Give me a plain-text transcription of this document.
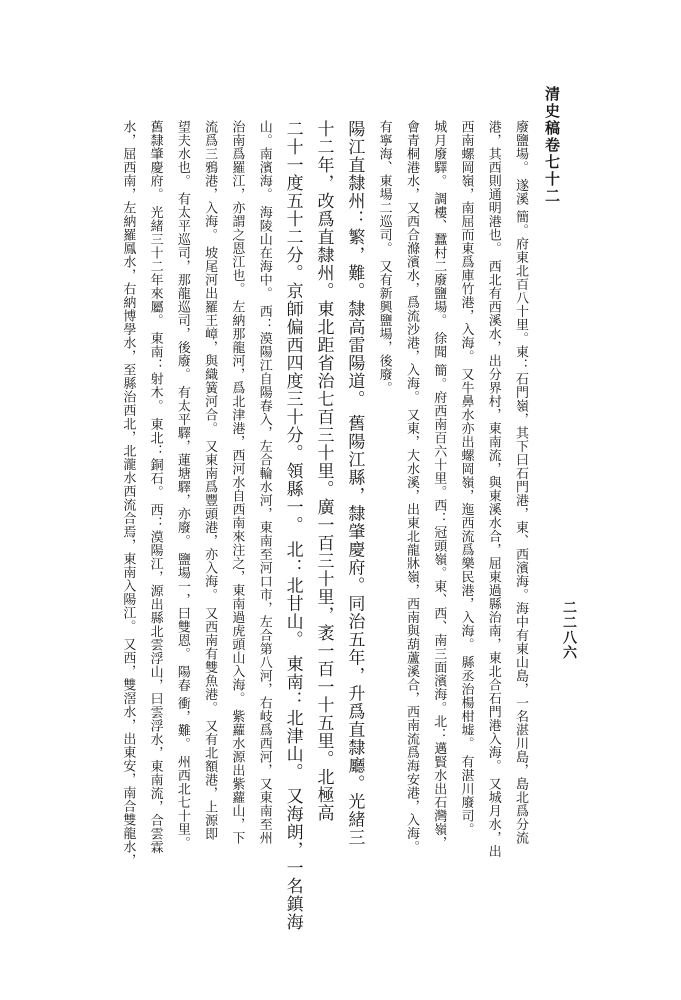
清史稿卷七十二
二二八六
廢鹽場。 遂溪 簡。府東北百八十里。東：石門嶺，其下曰石門港，東、西濱海。海中有東山島，一名湛川島，島北爲分流
港，其西則通明港也。 西北有西溪水，出分界村，東南流，與東溪水合，屈東過縣治南，東北合石門港入海。 又城月水，出
西南螺岡嶺，南屈而東爲庫竹港，入海。 又牛鼻水亦出螺岡嶺，迤西流爲樂民港，入海。 縣丞治楊柑墟。 有湛川廢司。
城月廢驛。 調樓、蠶村二廢鹽場。 徐聞 簡。府西南百六十里。西：冠頭嶺。東、西、南三面濱海。北：邁賢水出石灣嶺，
會青桐港水，又西合滌濱水，爲流沙港，入海。 又東，大水溪，出東北龍牀嶺，西南與葫蘆溪合，西南流爲海安港，入海。
有寧海、東場二巡司。 又有新興鹽場，後廢。
陽江直隸州：繁，難。隸高雷陽道。 舊陽江縣，隸肇慶府。同治五年，升爲直隸廳。光緒三
十二年，改爲直隸州。東北距省治七百三十里。廣一百三十里，袤一百一十五里。北極高
二十一度五十二分。京師偏西四度三十分。領縣一。 北：北甘山。 東南：北津山。 又海朗，一名鎮海
山。南濱海。 海陵山在海中。 西：漠陽江自陽春入，左合輪水河，東南至河口市，左合第八河，右岐爲西河，又東南至州
治南爲羅江，亦謂之恩江也。 左納那龍河，爲北津港，西河水自西南來注之，東南過虎頭山入海。 紫蘿水源出紫蘿山，下
流爲三鴉港，入海。 坡尾河出羅王嶂，與織簧河合。 又東南爲豐頭港，亦入海。 又西南有雙魚港。 又有北額港，上源即
望夫水也。 有太平巡司，那龍巡司，後廢。 有太平驛，蓮塘驛，亦廢。 鹽場一，曰雙恩。 陽春 衝，難。 州西北七十里。
舊隸肇慶府。 光緒三十二年來屬。 東南：射木。 東北：銅石。 西：漠陽江，源出縣北雲浮山，曰雲浮水，東南流，合雲霖
水，屈西南，左納羅鳳水，右納博學水，至縣治西北，北瀧水西流合焉，東南入陽江。 又西，雙滘水，出東安，南合雙龍水，
